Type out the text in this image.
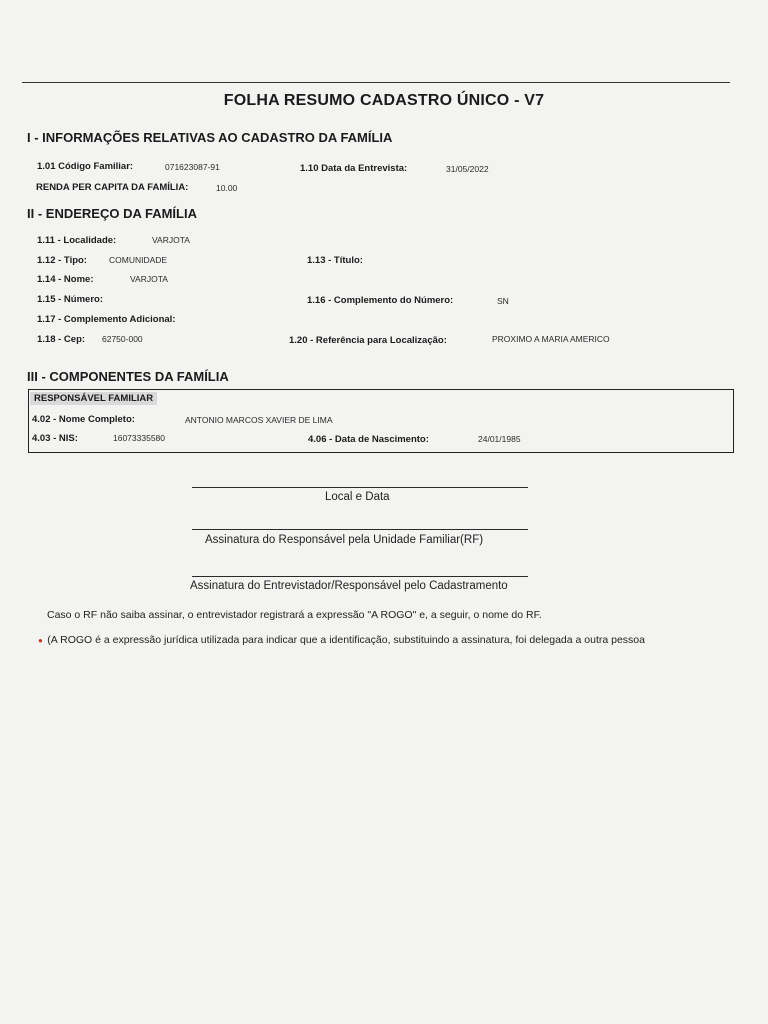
FOLHA RESUMO CADASTRO ÚNICO - V7
I - INFORMAÇÕES RELATIVAS AO CADASTRO DA FAMÍLIA
1.01 Código Familiar:	071623087-91	1.10 Data da Entrevista:	31/05/2022
RENDA PER CAPITA DA FAMÍLIA:	10.00
II - ENDEREÇO DA FAMÍLIA
1.11 - Localidade:	VARJOTA
1.12 - Tipo:	COMUNIDADE	1.13 - Título:
1.14 - Nome:	VARJOTA
1.15 - Número:	1.16 - Complemento do Número:	SN
1.17 - Complemento Adicional:
1.18 - Cep: 62750-000	1.20 - Referência para Localização:	PROXIMO A MARIA AMERICO
III - COMPONENTES DA FAMÍLIA
RESPONSÁVEL FAMILIAR
4.02 - Nome Completo:	ANTONIO MARCOS XAVIER DE LIMA
4.03 - NIS:	16073335580	4.06 - Data de Nascimento:	24/01/1985
Local e Data
Assinatura do Responsável pela Unidade Familiar(RF)
Assinatura do Entrevistador/Responsável pelo Cadastramento
Caso o RF não saiba assinar, o entrevistador registrará a expressão "A ROGO" e, a seguir, o nome do RF.
● (A ROGO é a expressão jurídica utilizada para indicar que a identificação, substituindo a assinatura, foi delegada a outra pessoa
